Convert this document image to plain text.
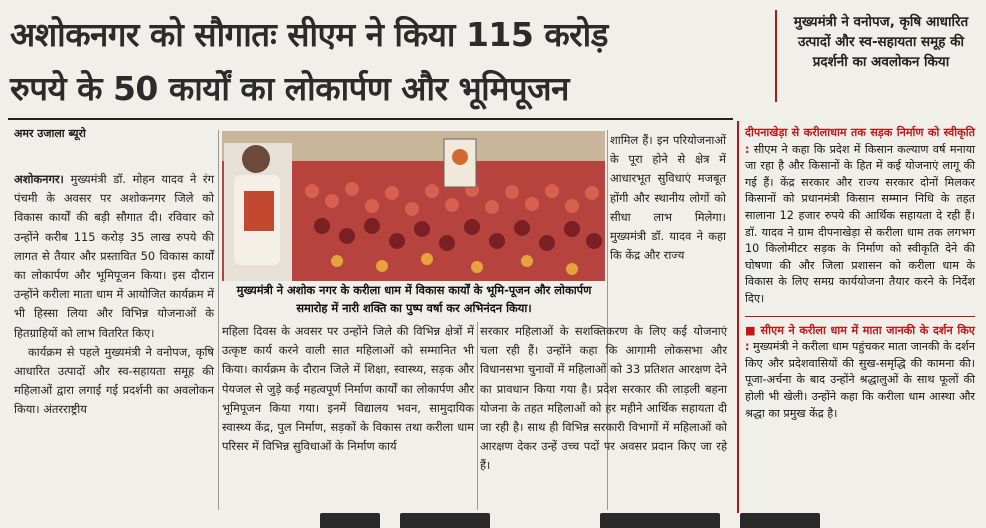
अशोकनगर को सौगातः सीएम ने किया 115 करोड़
रुपये के 50 कार्यों का लोकार्पण और भूमिपूजन
मुख्यमंत्री ने वनोपज, कृषि आधारित उत्पादों और स्व-सहायता समूह की प्रदर्शनी का अवलोकन किया
अमर उजाला ब्यूरो

अशोकनगर। मुख्यमंत्री डॉ. मोहन यादव ने रंग पंचमी के अवसर पर अशोकनगर जिले को विकास कार्यों की बड़ी सौगात दी। रविवार को उन्होंने करीब 115 करोड़ 35 लाख रुपये की लागत से तैयार और प्रस्तावित 50 विकास कार्यों का लोकार्पण और भूमिपूजन किया। इस दौरान उन्होंने करीला माता धाम में आयोजित कार्यक्रम में भी हिस्सा लिया और विभिन्न योजनाओं के हितग्राहियों को लाभ वितरित किए।

कार्यक्रम से पहले मुख्यमंत्री ने वनोपज, कृषि आधारित उत्पादों और स्व-सहायता समूह की महिलाओं द्वारा लगाई गई प्रदर्शनी का अवलोकन किया। अंतरराष्ट्रीय

मुख्यमंत्री ने अशोक नगर के करीला धाम में विकास कार्यों के भूमि-पूजन और लोकार्पण समारोह में नारी शक्ति का पुष्प वर्षा कर अभिनंदन किया।
शामिल हैं। इन परियोजनाओं के पूरा होने से क्षेत्र में आधारभूत सुविधाएं मजबूत होंगी और स्थानीय लोगों को सीधा लाभ मिलेगा। मुख्यमंत्री डॉ. यादव ने कहा कि केंद्र और राज्य
महिला दिवस के अवसर पर उन्होंने जिले की विभिन्न क्षेत्रों में उत्कृष्ट कार्य करने वाली सात महिलाओं को सम्मानित भी किया। कार्यक्रम के दौरान जिले में शिक्षा, स्वास्थ्य, सड़क और पेयजल से जुड़े कई महत्वपूर्ण निर्माण कार्यों का लोकार्पण और भूमिपूजन किया गया। इनमें विद्यालय भवन, सामुदायिक स्वास्थ्य केंद्र, पुल निर्माण, सड़कों के विकास तथा करीला धाम परिसर में विभिन्न सुविधाओं के निर्माण कार्य
सरकार महिलाओं के सशक्तिकरण के लिए कई योजनाएं चला रही हैं। उन्होंने कहा कि आगामी लोकसभा और विधानसभा चुनावों में महिलाओं को 33 प्रतिशत आरक्षण देने का प्रावधान किया गया है। प्रदेश सरकार की लाड़ली बहना योजना के तहत महिलाओं को हर महीने आर्थिक सहायता दी जा रही है। साथ ही विभिन्न सरकारी विभागों में महिलाओं को आरक्षण देकर उन्हें उच्च पदों पर अवसर प्रदान किए जा रहे हैं।

दीपनाखेड़ा से करीलाधाम तक सड़क निर्माण को स्वीकृति : सीएम ने कहा कि प्रदेश में किसान कल्याण वर्ष मनाया जा रहा है और किसानों के हित में कई योजनाएं लागू की गई हैं। केंद्र सरकार और राज्य सरकार दोनों मिलकर किसानों को प्रधानमंत्री किसान सम्मान निधि के तहत सालाना 12 हजार रुपये की आर्थिक सहायता दे रही हैं। डॉ. यादव ने ग्राम दीपनाखेड़ा से करीला धाम तक लगभग 10 किलोमीटर सड़क के निर्माण को स्वीकृति देने की घोषणा की और जिला प्रशासन को करीला धाम के विकास के लिए समग्र कार्ययोजना तैयार करने के निर्देश दिए।

■ सीएम ने करीला धाम में माता जानकी के दर्शन किए : मुख्यमंत्री ने करीला धाम पहुंचकर माता जानकी के दर्शन किए और प्रदेशवासियों की सुख-समृद्धि की कामना की। पूजा-अर्चना के बाद उन्होंने श्रद्धालुओं के साथ फूलों की होली भी खेली। उन्होंने कहा कि करीला धाम आस्था और श्रद्धा का प्रमुख केंद्र है।
